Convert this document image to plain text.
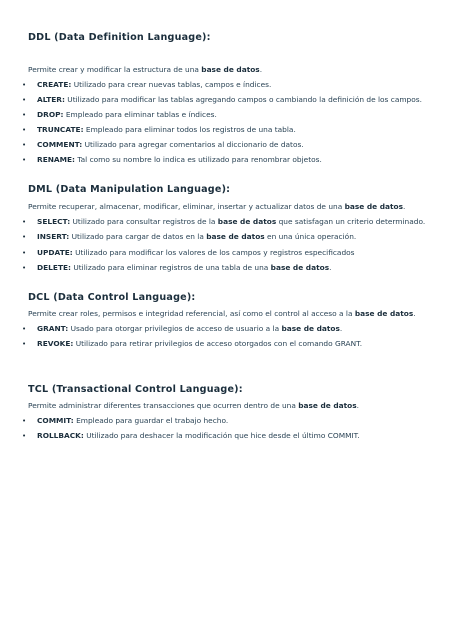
DDL (Data Definition Language):
Permite crear y modificar la estructura de una base de datos.
• CREATE: Utilizado para crear nuevas tablas, campos e índices.
• ALTER: Utilizado para modificar las tablas agregando campos o cambiando la definición de los campos.
• DROP: Empleado para eliminar tablas e índices.
• TRUNCATE: Empleado para eliminar todos los registros de una tabla.
• COMMENT: Utilizado para agregar comentarios al diccionario de datos.
• RENAME: Tal como su nombre lo indica es utilizado para renombrar objetos.
DML (Data Manipulation Language):
Permite recuperar, almacenar, modificar, eliminar, insertar y actualizar datos de una base de datos.
• SELECT: Utilizado para consultar registros de la base de datos que satisfagan un criterio determinado.
• INSERT: Utilizado para cargar de datos en la base de datos en una única operación.
• UPDATE: Utilizado para modificar los valores de los campos y registros especificados
• DELETE: Utilizado para eliminar registros de una tabla de una base de datos.
DCL (Data Control Language):
Permite crear roles, permisos e integridad referencial, así como el control al acceso a la base de datos.
• GRANT: Usado para otorgar privilegios de acceso de usuario a la base de datos.
• REVOKE: Utilizado para retirar privilegios de acceso otorgados con el comando GRANT.
TCL (Transactional Control Language):
Permite administrar diferentes transacciones que ocurren dentro de una base de datos.
• COMMIT: Empleado para guardar el trabajo hecho.
• ROLLBACK: Utilizado para deshacer la modificación que hice desde el último COMMIT.
